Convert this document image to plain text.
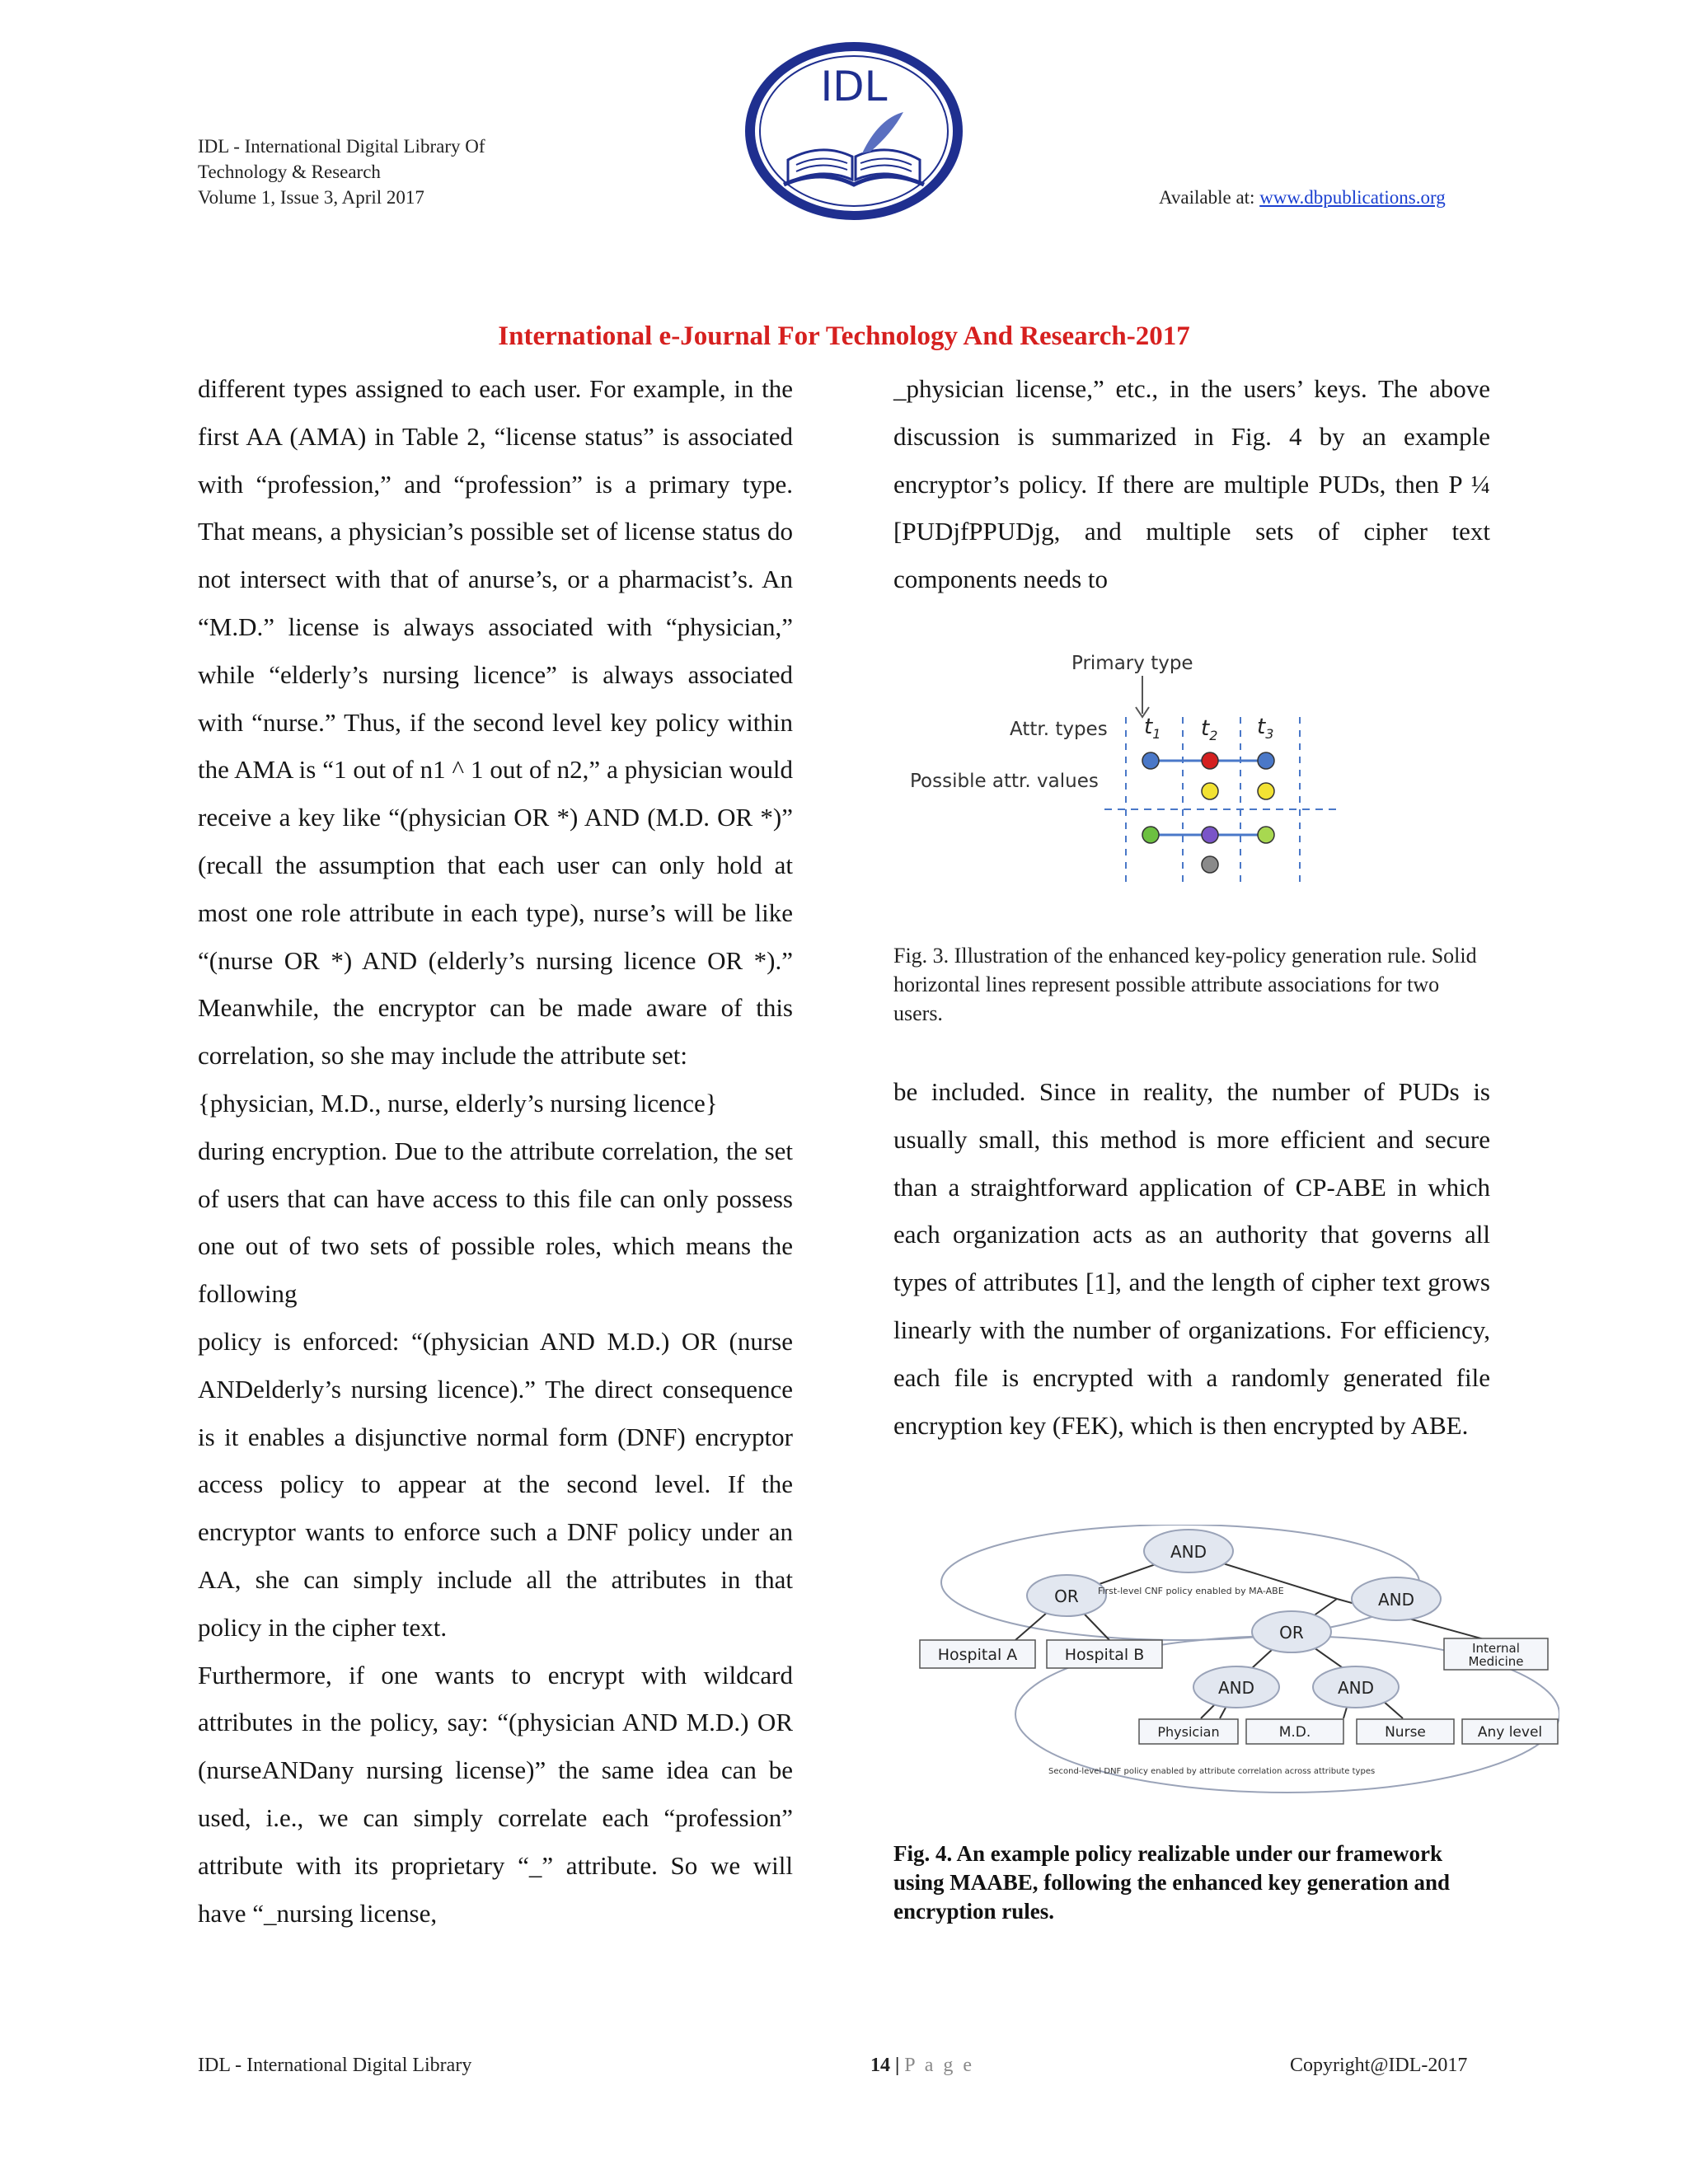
IDL - International Digital Library Of
Technology & Research
Volume 1, Issue 3, April 2017
IDL
Available at: www.dbpublications.org
International e-Journal For Technology And Research-2017

different types assigned to each user. For example, in the first AA (AMA) in Table 2, “license status” is associated with “profession,” and “profession” is a primary type. That means, a physician’s possible set of license status do not intersect with that of anurse’s, or a pharmacist’s. An “M.D.” license is always associated with “physician,” while “elderly’s nursing licence” is always associated with “nurse.” Thus, if the second level key policy within the AMA is “1 out of n1 ^ 1 out of n2,” a physician would receive a key like “(physician OR *) AND (M.D. OR *)” (recall the assumption that each user can only hold at most one role attribute in each type), nurse’s will be like “(nurse OR *) AND (elderly’s nursing licence OR *).” Meanwhile, the encryptor can be made aware of this correlation, so she may include the attribute set:

{physician, M.D., nurse, elderly’s nursing licence}

during encryption. Due to the attribute correlation, the set of users that can have access to this file can only possess one out of two sets of possible roles, which means the following

policy is enforced: “(physician AND M.D.) OR (nurse ANDelderly’s nursing licence).” The direct consequence is it enables a disjunctive normal form (DNF) encryptor access policy to appear at the second level. If the encryptor wants to enforce such a DNF policy under an AA, she can simply include all the attributes in that policy in the cipher text.

Furthermore, if one wants to encrypt with wildcard attributes in the policy, say: “(physician AND M.D.) OR (nurseANDany nursing license)” the same idea can be used, i.e., we can simply correlate each “profession” attribute with its proprietary “_” attribute. So we will have “_nursing license,

_physician license,” etc., in the users’ keys. The above discussion is summarized in Fig. 4 by an example encryptor’s policy. If there are multiple PUDs, then P ¼ [PUDjfPPUDjg, and multiple sets of cipher text components needs to

Primary type
Attr. types $t_1$ $t_2$ $t_3$
Possible attr. values
Fig. 3. Illustration of the enhanced key-policy generation rule. Solid horizontal lines represent possible attribute associations for two users.

be included. Since in reality, the number of PUDs is usually small, this method is more efficient and secure than a straightforward application of CP-ABE in which each organization acts as an authority that governs all types of attributes [1], and the length of cipher text grows linearly with the number of organizations. For efficiency, each file is encrypted with a randomly generated file encryption key (FEK), which is then encrypted by ABE.

AND
OR	AND
OR
AND	AND
First-level CNF policy enabled by MA-ABE
Hospital A	Hospital B	Internal
Medicine
Physician	M.D.	Nurse	Any level
Second-level DNF policy enabled by attribute correlation across attribute types
Fig. 4. An example policy realizable under our framework using MAABE, following the enhanced key generation and encryption rules.
IDL - International Digital Library	14 | P a g e	Copyright@IDL-2017
